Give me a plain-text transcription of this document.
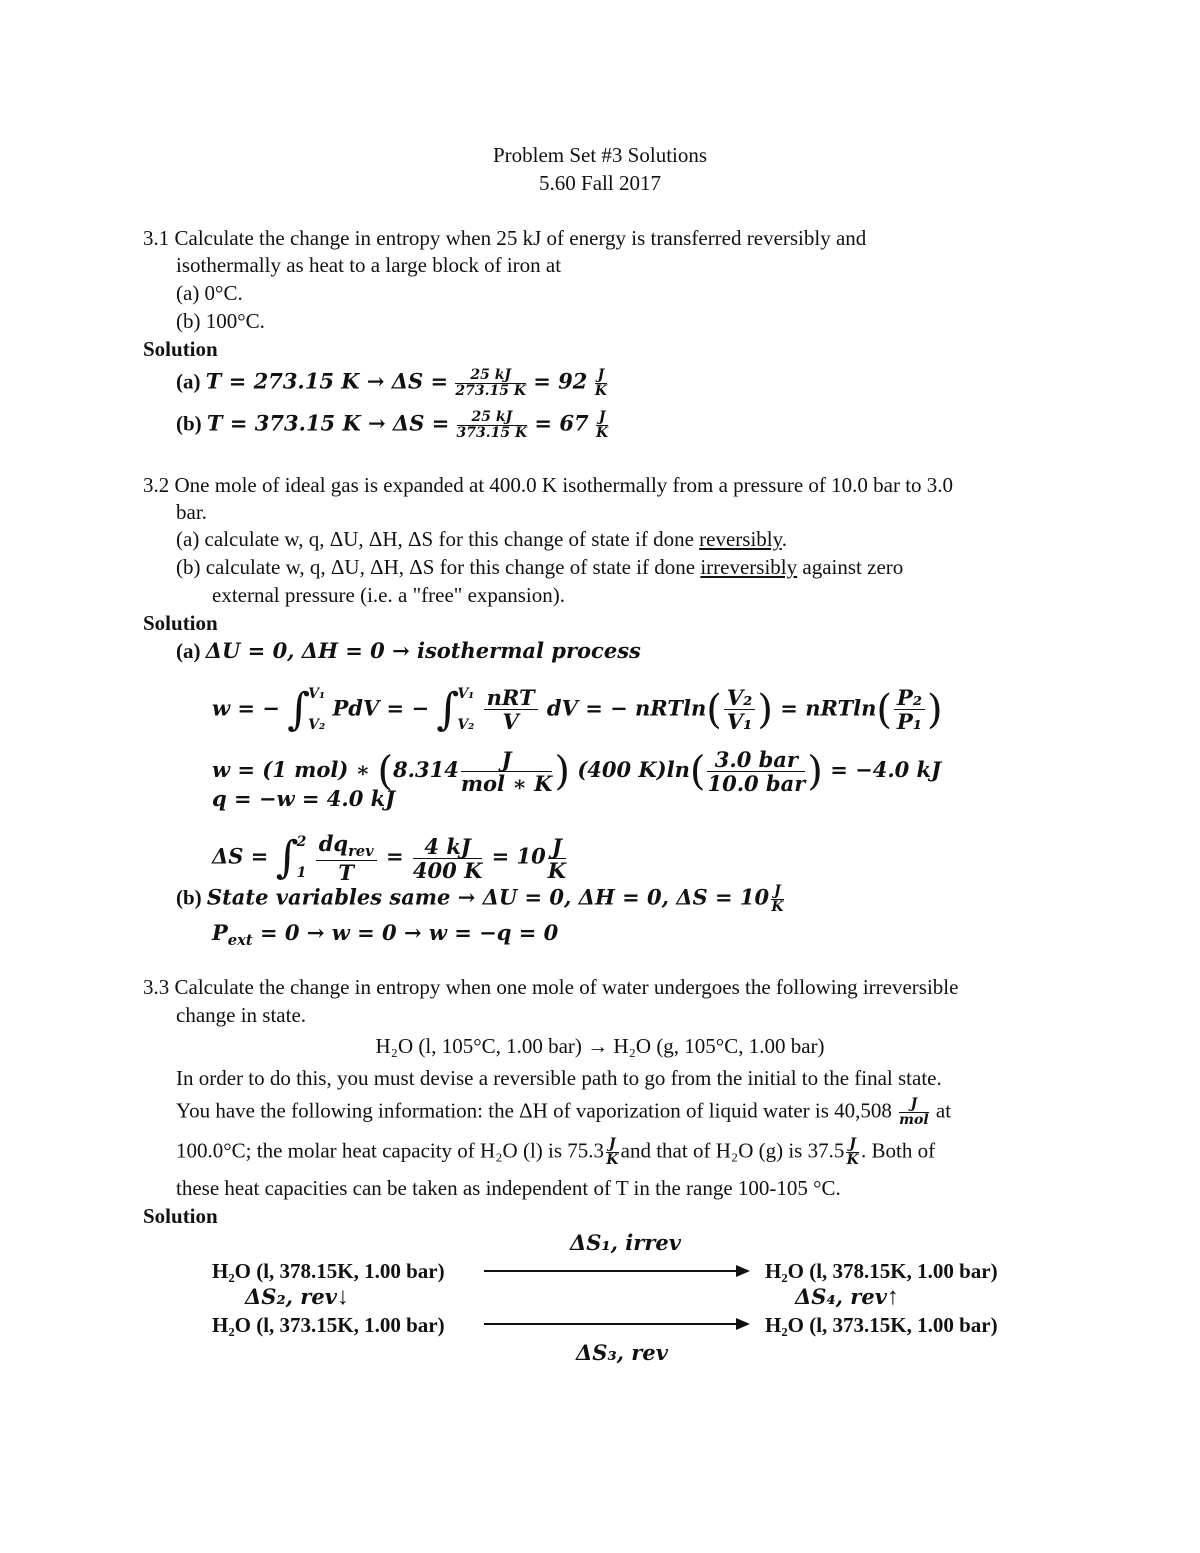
Problem Set #3 Solutions
5.60 Fall 2017
3.1 Calculate the change in entropy when 25 kJ of energy is transferred reversibly and
isothermally as heat to a large block of iron at
(a) 0°C.
(b) 100°C.
Solution
(a) T = 273.15 $K \to \Delta S = \frac{25 kJ}{273.15 K} = 92 \frac{J}{K}$
(b) T = 373.15 $K \to \Delta S = \frac{25 kJ}{373.15 K} = 67 \frac{J}{K}$
3.2 One mole of ideal gas is expanded at 400.0 K isothermally from a pressure of 10.0 bar to 3.0
bar.
(a) calculate w, q, ΔU, ΔH, ΔS for this change of state if done reversibly.
(b) calculate w, q, ΔU, ΔH, ΔS for this change of state if done irreversibly against zero
external pressure (i.e. a "free" expansion).
Solution
(a) ΔU = 0, ΔH = 0 → isothermal process
w = − ∫
V₁
V₂
PdV = − ∫
V₁
V₂
$\frac{\text{nRT}}{V}$ dV = − $nRTln( \frac{\text{V₂}}{\text{V₁}}$ ) = $nRTln( \frac{\text{P₂}}{\text{P₁}}$ )
w = (1 mol) ∗ ($8.314 \frac{J}{\text{mol ∗ K}}$ ) (400 $K)\ln( \frac{\text{3.0 bar}}{\text{10.0 bar}}$ ) = −4.0 kJ
q = −w = 4.0 kJ
ΔS = ∫
2
1
$\frac{dq_{rev}}{T} = \frac{4 kJ}{400 K} = 10 \frac{J}{K}$
(b) State variables same → ΔU = 0, ΔH = 0, $\Delta S = 10 \frac{J}{K}$
$P_{ext} = 0 \to w = 0 \to w = -q = 0$
3.3 Calculate the change in entropy when one mole of water undergoes the following irreversible
change in state.
H₂O (l, 105°C, 1.00 bar) → H₂O (g, 105°C, 1.00 bar)
In order to do this, you must devise a reversible path to go from the initial to the final state.
You have the following information: the ΔH of vaporization of liquid water is $40,508 \frac{J}{\text{mol}}$ at
100.0°C; the molar heat capacity of H₂O (l) is $75.3 \frac{J}{K}$ and that of H₂O (g) is $37.5 \frac{J}{K}$ . Both of
these heat capacities can be taken as independent of T in the range 100-105 °C.
Solution
ΔS₁, irrev
H₂O (l, 378.15K, 1.00 bar)	H₂O (l, 378.15K, 1.00 bar)
ΔS₂, rev↓	ΔS₄, rev↑
H₂O (l, 373.15K, 1.00 bar)	H₂O (l, 373.15K, 1.00 bar)
ΔS₃, rev
